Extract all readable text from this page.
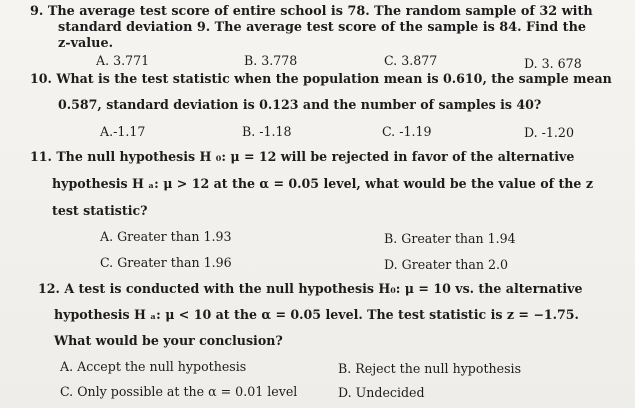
9. The average test score of entire school is 78. The random sample of 32 with
standard deviation 9. The average test score of the sample is 84. Find the
z-value.
A. 3.771	B. 3.778	C. 3.877	D. 3. 678
10. What is the test statistic when the population mean is 0.610, the sample mean
0.587, standard deviation is 0.123 and the number of samples is 40?
A.-1.17	B. -1.18	C. -1.19	D. -1.20
11. The null hypothesis H ₀: μ = 12 will be rejected in favor of the alternative
hypothesis H ₐ: μ > 12 at the α = 0.05 level, what would be the value of the z
test statistic?
A. Greater than 1.93	B. Greater than 1.94
C. Greater than 1.96	D. Greater than 2.0
12. A test is conducted with the null hypothesis H₀: μ = 10 vs. the alternative
hypothesis H ₐ: μ < 10 at the α = 0.05 level. The test statistic is z = −1.75.
What would be your conclusion?
A. Accept the null hypothesis	B. Reject the null hypothesis
C. Only possible at the α = 0.01 level	D. Undecided
